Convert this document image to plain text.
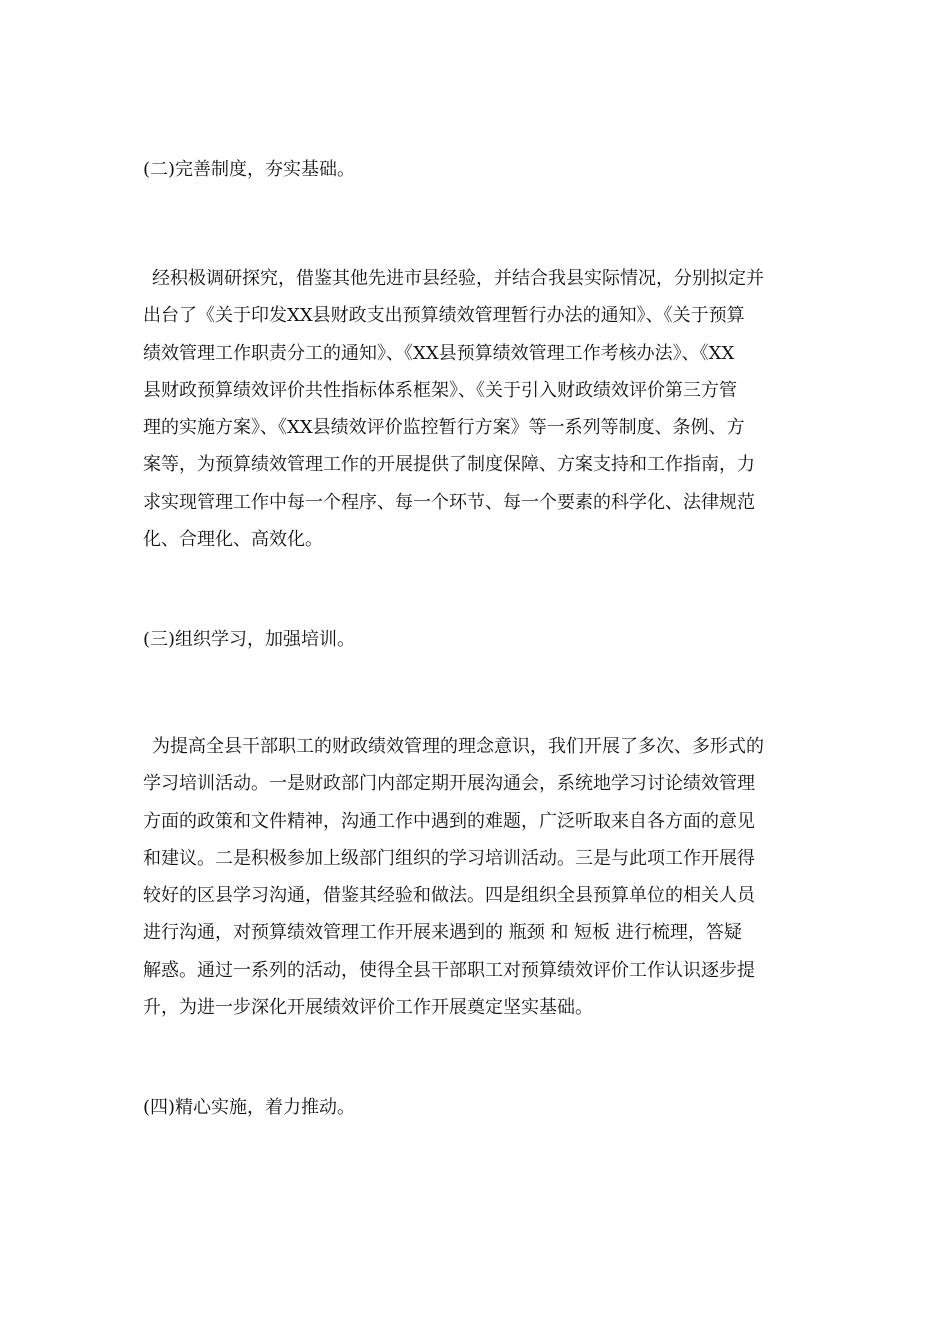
(二)完善制度，夯实基础。
经积极调研探究，借鉴其他先进市县经验，并结合我县实际情况，分别拟定并
出台了《关于印发XX县财政支出预算绩效管理暂行办法的通知》、《关于预算
绩效管理工作职责分工的通知》、《XX县预算绩效管理工作考核办法》、《XX
县财政预算绩效评价共性指标体系框架》、《关于引入财政绩效评价第三方管
理的实施方案》、《XX县绩效评价监控暂行方案》等一系列等制度、条例、方
案等，为预算绩效管理工作的开展提供了制度保障、方案支持和工作指南，力
求实现管理工作中每一个程序、每一个环节、每一个要素的科学化、法律规范
化、合理化、高效化。
(三)组织学习，加强培训。
为提高全县干部职工的财政绩效管理的理念意识，我们开展了多次、多形式的
学习培训活动。一是财政部门内部定期开展沟通会，系统地学习讨论绩效管理
方面的政策和文件精神，沟通工作中遇到的难题，广泛听取来自各方面的意见
和建议。二是积极参加上级部门组织的学习培训活动。三是与此项工作开展得
较好的区县学习沟通，借鉴其经验和做法。四是组织全县预算单位的相关人员
进行沟通，对预算绩效管理工作开展来遇到的 瓶颈 和 短板 进行梳理，答疑
解惑。通过一系列的活动，使得全县干部职工对预算绩效评价工作认识逐步提
升，为进一步深化开展绩效评价工作开展奠定坚实基础。
(四)精心实施，着力推动。
